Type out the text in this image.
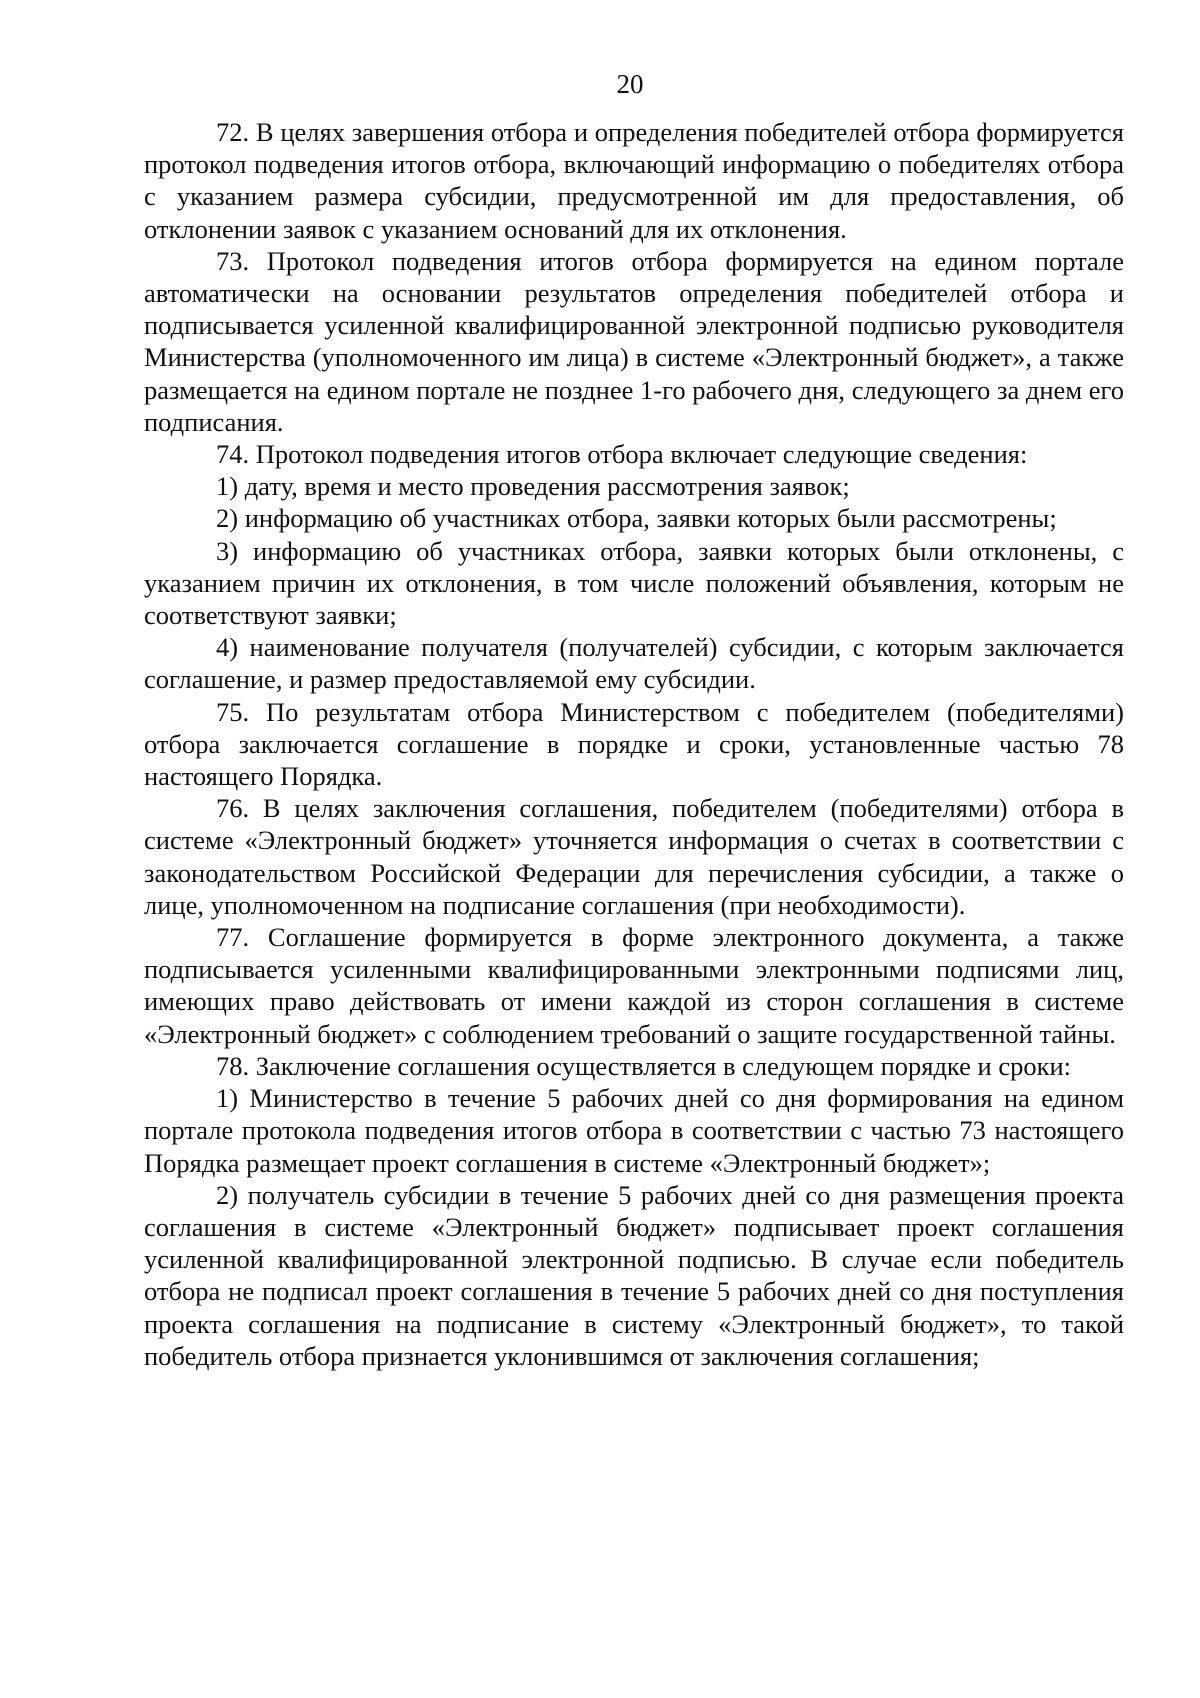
20

72. В целях завершения отбора и определения победителей отбора формируется протокол подведения итогов отбора, включающий информацию о победителях отбора с указанием размера субсидии, предусмотренной им для предоставления, об отклонении заявок с указанием оснований для их отклонения.

73. Протокол подведения итогов отбора формируется на едином портале автоматически на основании результатов определения победителей отбора и подписывается усиленной квалифицированной электронной подписью руководителя Министерства (уполномоченного им лица) в системе «Электронный бюджет», а также размещается на едином портале не позднее 1-го рабочего дня, следующего за днем его подписания.

74. Протокол подведения итогов отбора включает следующие сведения:

1) дату, время и место проведения рассмотрения заявок;

2) информацию об участниках отбора, заявки которых были рассмотрены;

3) информацию об участниках отбора, заявки которых были отклонены, с указанием причин их отклонения, в том числе положений объявления, которым не соответствуют заявки;

4) наименование получателя (получателей) субсидии, с которым заключается соглашение, и размер предоставляемой ему субсидии.

75. По результатам отбора Министерством с победителем (победителями) отбора заключается соглашение в порядке и сроки, установленные частью 78 настоящего Порядка.

76. В целях заключения соглашения, победителем (победителями) отбора в системе «Электронный бюджет» уточняется информация о счетах в соответствии с законодательством Российской Федерации для перечисления субсидии, а также о лице, уполномоченном на подписание соглашения (при необходимости).

77. Соглашение формируется в форме электронного документа, а также подписывается усиленными квалифицированными электронными подписями лиц, имеющих право действовать от имени каждой из сторон соглашения в системе «Электронный бюджет» с соблюдением требований о защите государственной тайны.

78. Заключение соглашения осуществляется в следующем порядке и сроки:

1) Министерство в течение 5 рабочих дней со дня формирования на едином портале протокола подведения итогов отбора в соответствии с частью 73 настоящего Порядка размещает проект соглашения в системе «Электронный бюджет»;

2) получатель субсидии в течение 5 рабочих дней со дня размещения проекта соглашения в системе «Электронный бюджет» подписывает проект соглашения усиленной квалифицированной электронной подписью. В случае если победитель отбора не подписал проект соглашения в течение 5 рабочих дней со дня поступления проекта соглашения на подписание в систему «Электронный бюджет», то такой победитель отбора признается уклонившимся от заключения соглашения;
